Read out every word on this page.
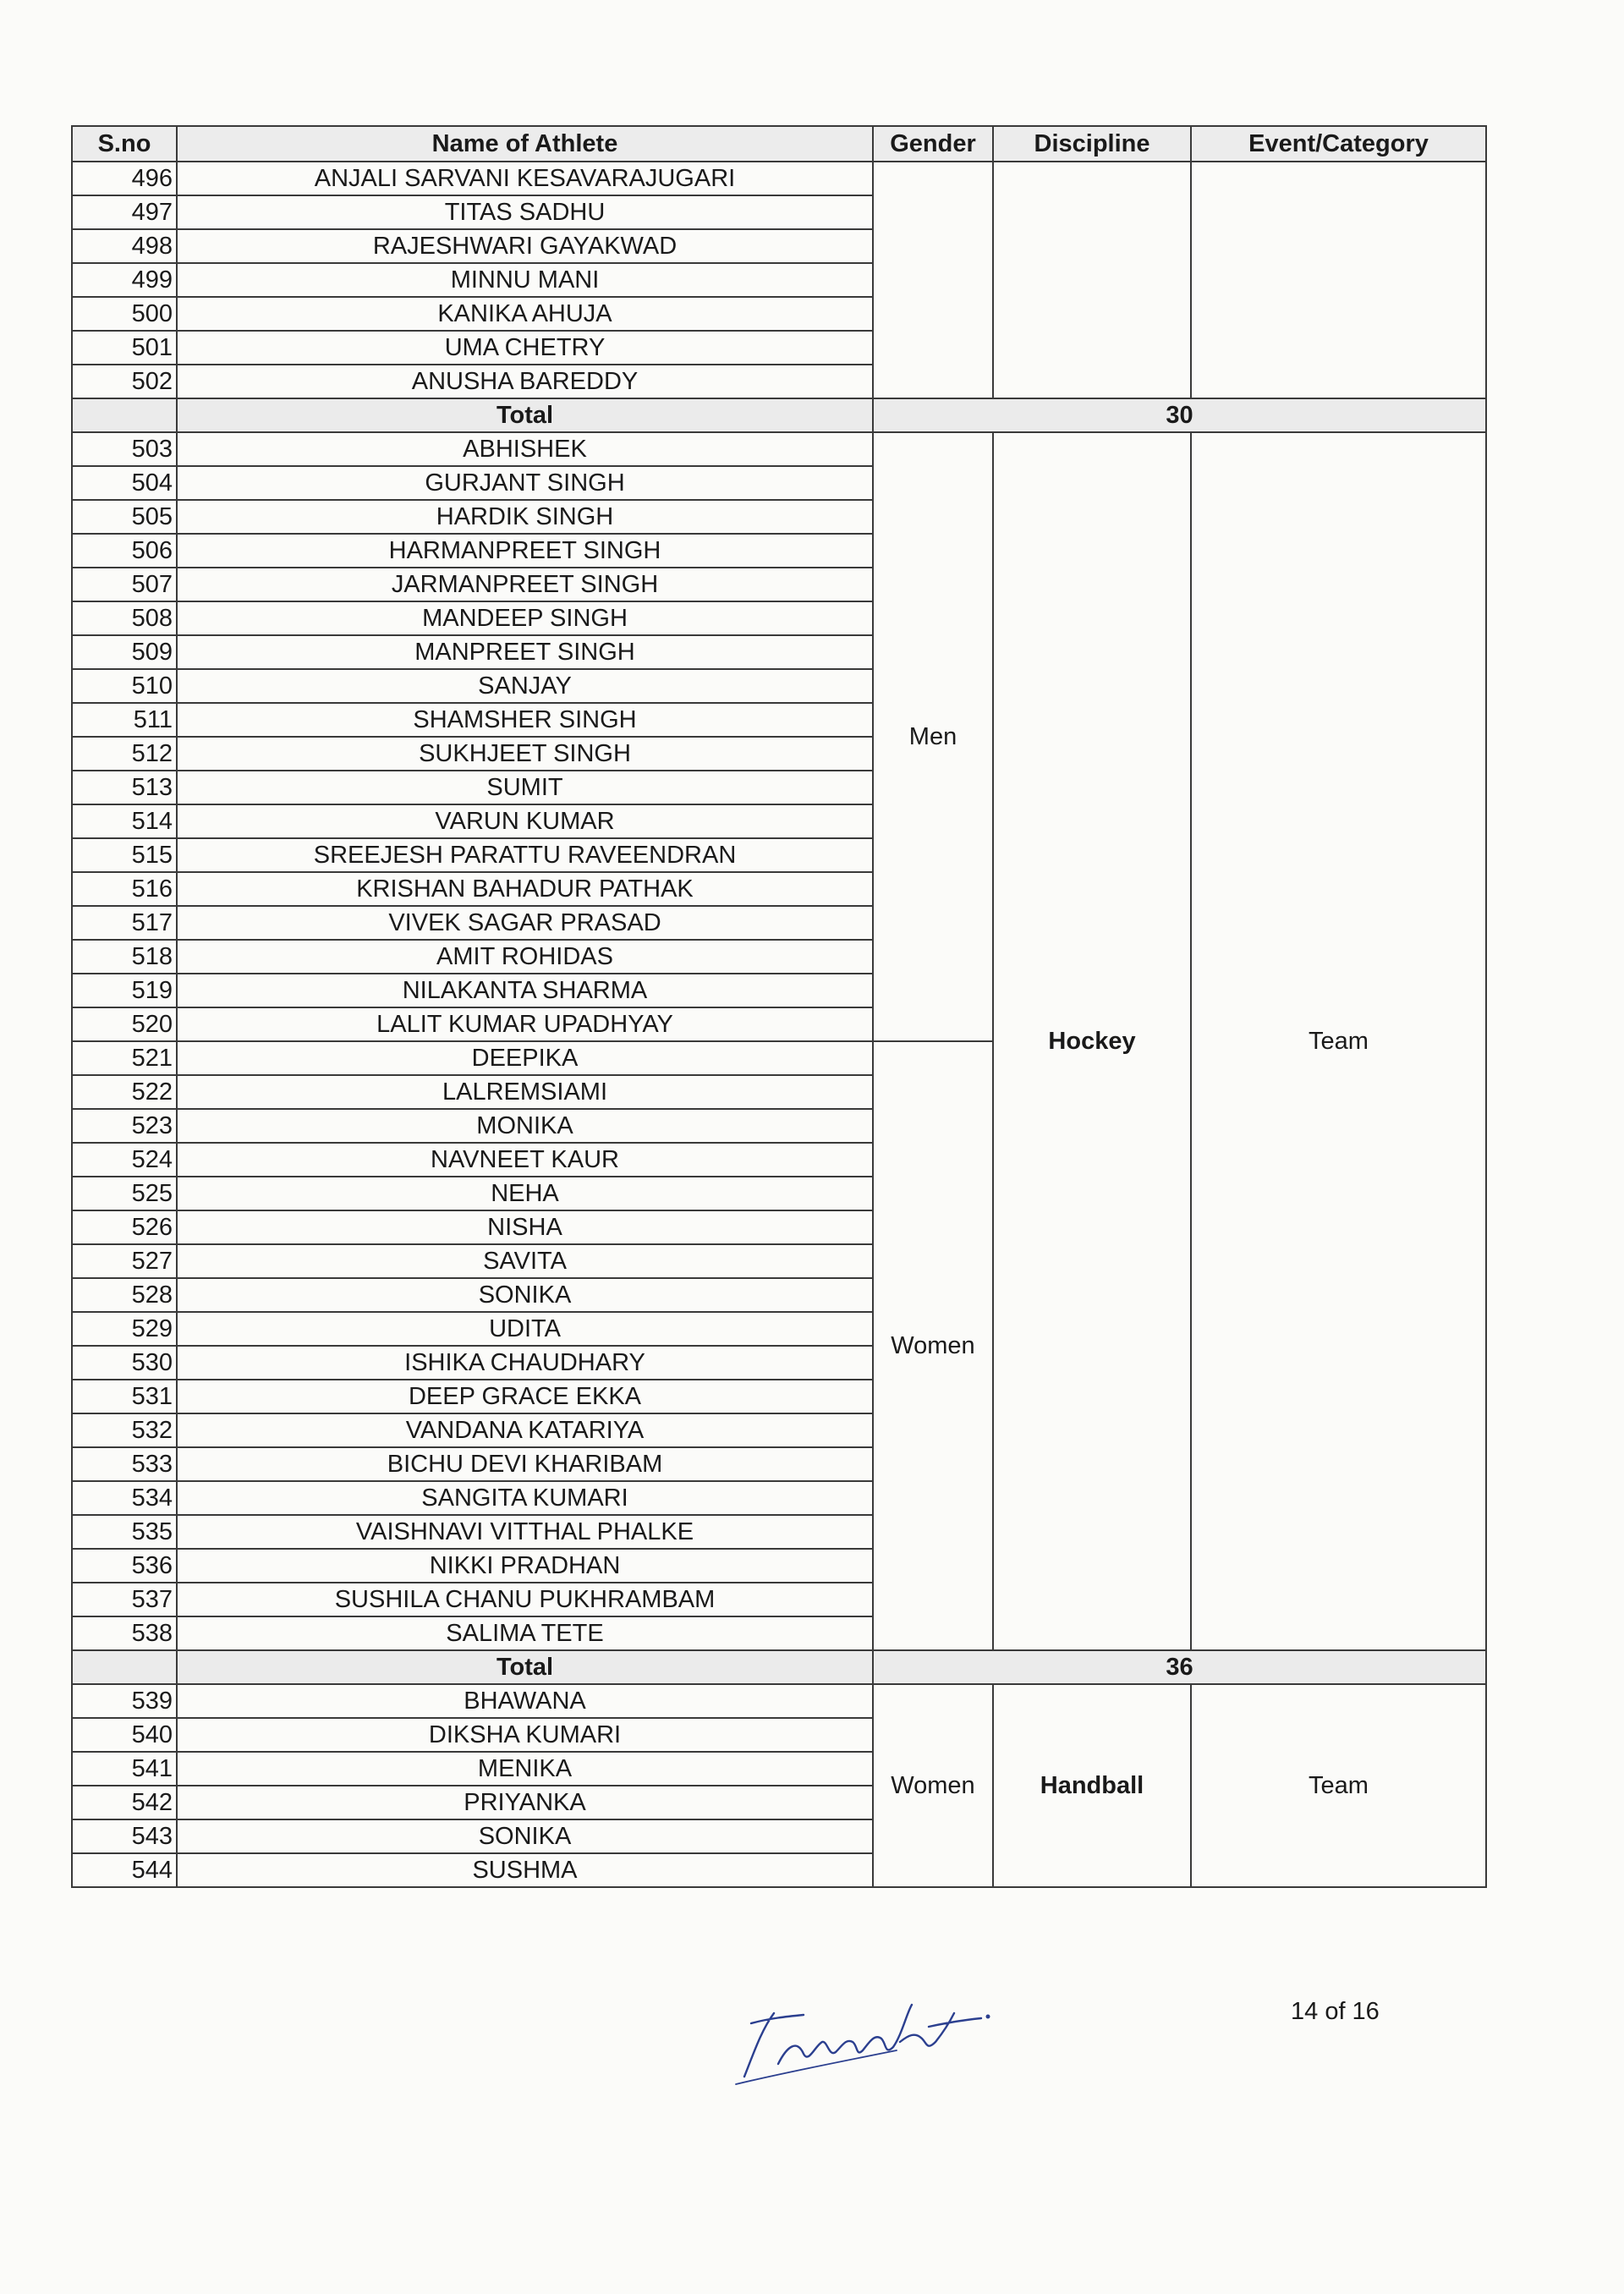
S.no	Name of Athlete	Gender	Discipline	Event/Category
496	ANJALI SARVANI KESAVARAJUGARI			
497	TITAS SADHU			
498	RAJESHWARI GAYAKWAD			
499	MINNU MANI			
500	KANIKA AHUJA			
501	UMA CHETRY			
502	ANUSHA BAREDDY			
	Total	30		
503	ABHISHEK	Men	Hockey	Team
504	GURJANT SINGH			
505	HARDIK SINGH			
506	HARMANPREET SINGH			
507	JARMANPREET SINGH			
508	MANDEEP SINGH			
509	MANPREET SINGH			
510	SANJAY			
511	SHAMSHER SINGH			
512	SUKHJEET SINGH			
513	SUMIT			
514	VARUN KUMAR			
515	SREEJESH PARATTU RAVEENDRAN			
516	KRISHAN BAHADUR PATHAK			
517	VIVEK SAGAR PRASAD			
518	AMIT ROHIDAS			
519	NILAKANTA SHARMA			
520	LALIT KUMAR UPADHYAY			
521	DEEPIKA	Women		
522	LALREMSIAMI			
523	MONIKA			
524	NAVNEET KAUR			
525	NEHA			
526	NISHA			
527	SAVITA			
528	SONIKA			
529	UDITA			
530	ISHIKA CHAUDHARY			
531	DEEP GRACE EKKA			
532	VANDANA KATARIYA			
533	BICHU DEVI KHARIBAM			
534	SANGITA KUMARI			
535	VAISHNAVI VITTHAL PHALKE			
536	NIKKI PRADHAN			
537	SUSHILA CHANU PUKHRAMBAM			
538	SALIMA TETE			
	Total	36		
539	BHAWANA	Women	Handball	Team
540	DIKSHA KUMARI			
541	MENIKA			
542	PRIYANKA			
543	SONIKA			
544	SUSHMA			
14 of 16
